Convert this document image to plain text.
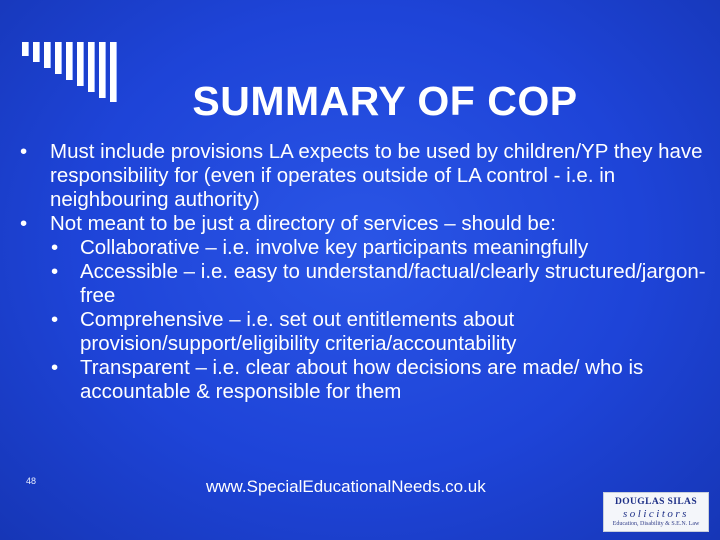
SUMMARY OF COP

• Must include provisions LA expects to be used by children/YP they have responsibility for (even if operates outside of LA control - i.e. in neighbouring authority)

• Not meant to be just a directory of services – should be:

• Collaborative – i.e. involve key participants meaningfully

• Accessible – i.e. easy to understand/factual/clearly structured/jargon-free

• Comprehensive – i.e. set out entitlements about provision/support/eligibility criteria/accountability

• Transparent – i.e. clear about how decisions are made/ who is accountable & responsible for them

48	www.SpecialEducationalNeeds.co.uk
DOUGLAS SILAS
solicitors
Education, Disability & S.E.N. Law
